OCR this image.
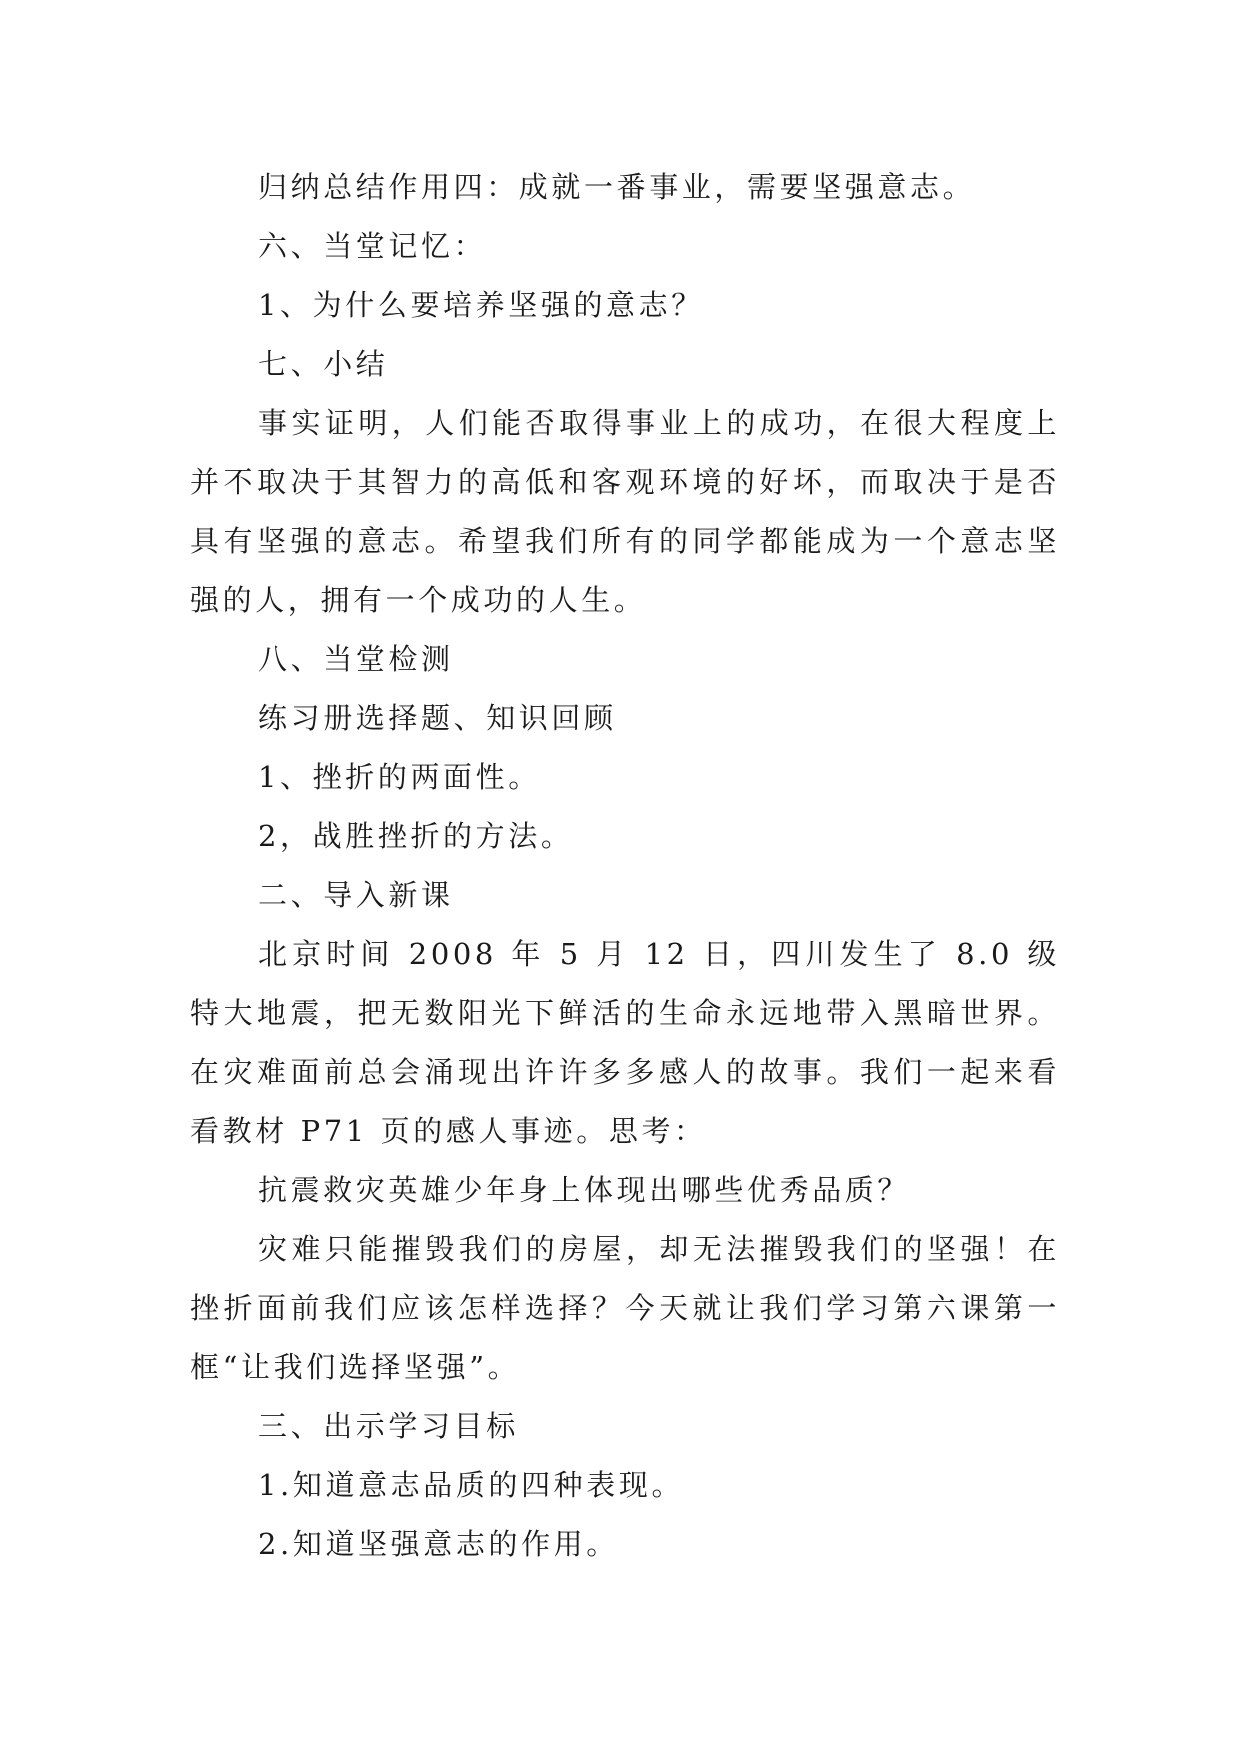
归纳总结作用四：成就一番事业，需要坚强意志。

六、当堂记忆：

1、为什么要培养坚强的意志？

七、小结

事实证明，人们能否取得事业上的成功，在很大程度上并不取决于其智力的高低和客观环境的好坏，而取决于是否具有坚强的意志。希望我们所有的同学都能成为一个意志坚强的人，拥有一个成功的人生。

八、当堂检测

练习册选择题、知识回顾

1、挫折的两面性。

2，战胜挫折的方法。

二、导入新课

北京时间 2008 年 5 月 12 日，四川发生了 8.0 级特大地震，把无数阳光下鲜活的生命永远地带入黑暗世界。在灾难面前总会涌现出许许多多感人的故事。我们一起来看看教材 P71 页的感人事迹。思考：

抗震救灾英雄少年身上体现出哪些优秀品质？

灾难只能摧毁我们的房屋，却无法摧毁我们的坚强！在挫折面前我们应该怎样选择？今天就让我们学习第六课第一框“让我们选择坚强”。

三、出示学习目标

1.知道意志品质的四种表现。

2.知道坚强意志的作用。
